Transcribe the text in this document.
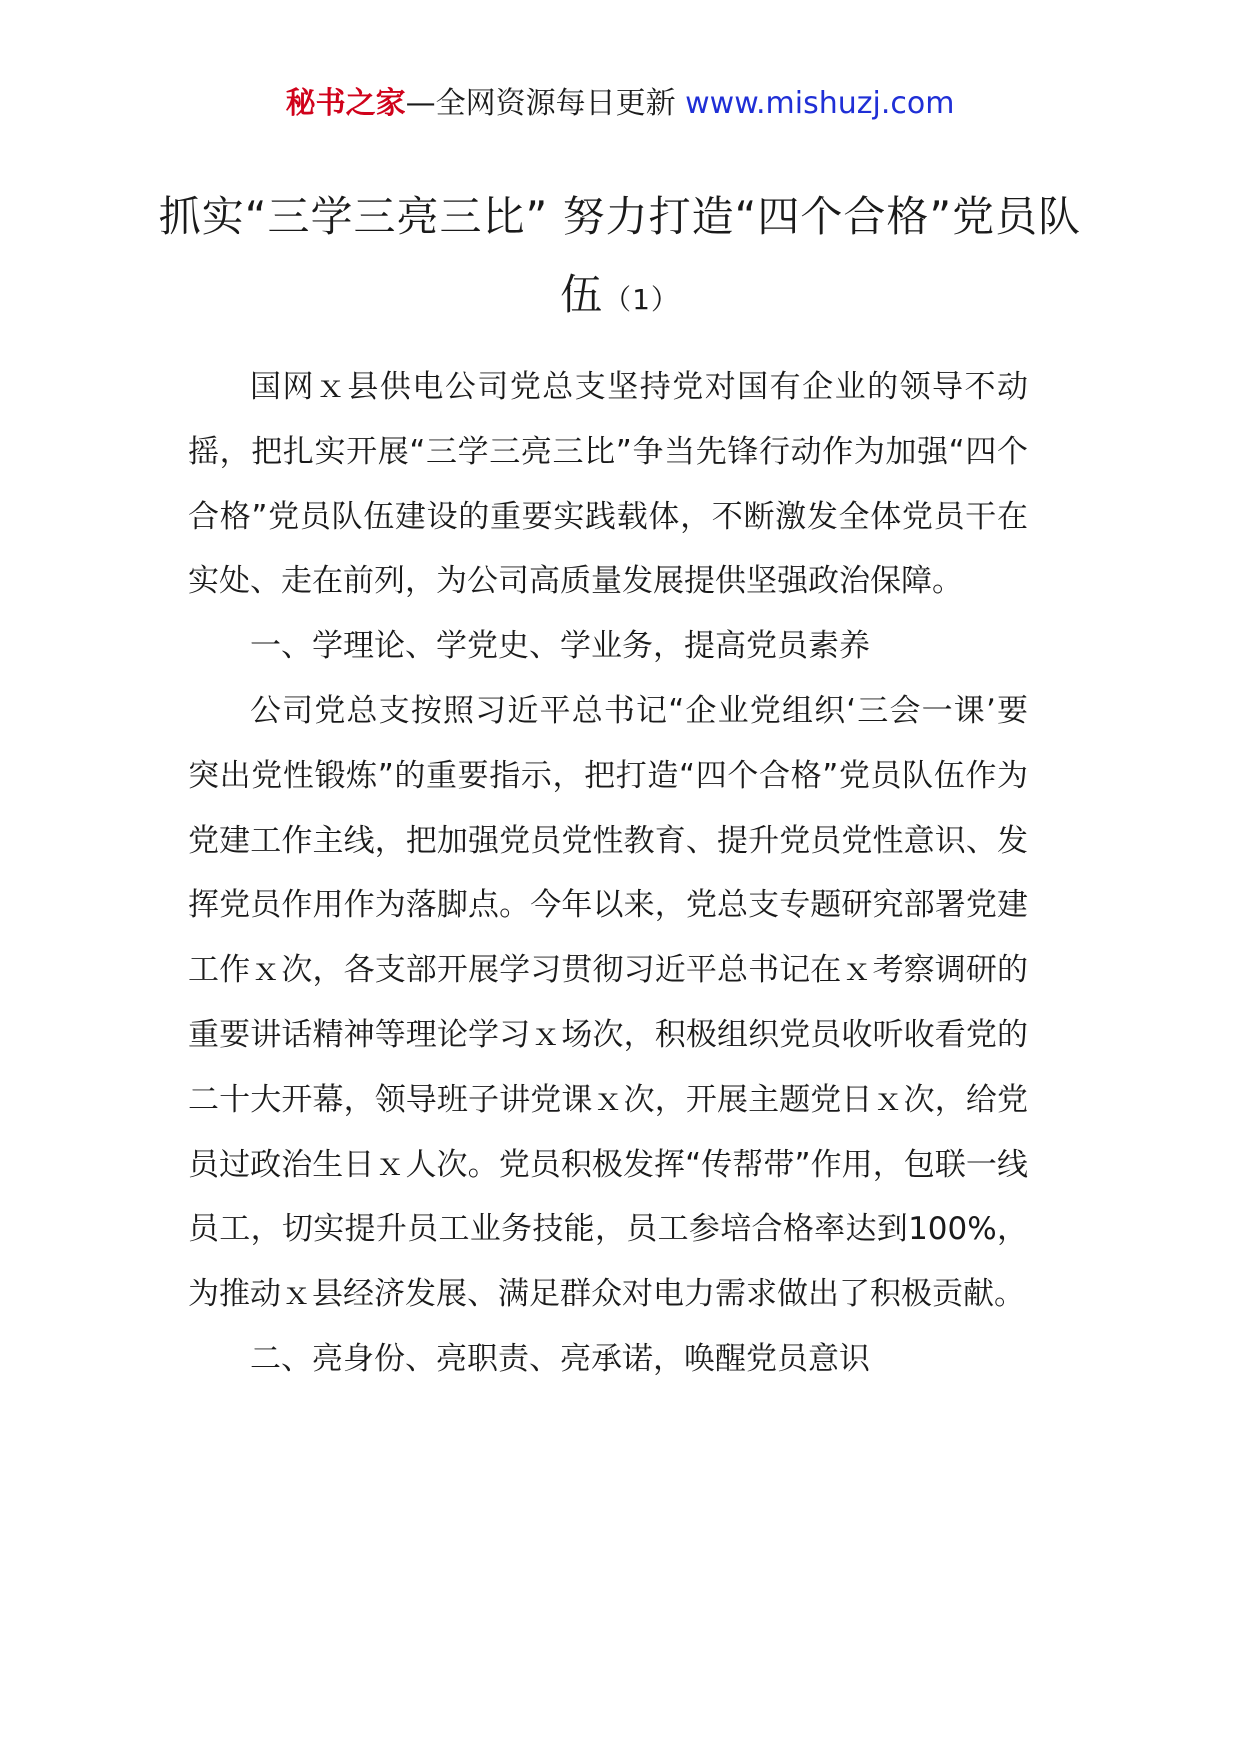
秘书之家—全网资源每日更新 www.mishuzj.com
抓实“三学三亮三比” 努力打造“四个合格”党员队伍（1）

国网ｘ县供电公司党总支坚持党对国有企业的领导不动摇，把扎实开展“三学三亮三比”争当先锋行动作为加强“四个合格”党员队伍建设的重要实践载体，不断激发全体党员干在实处、走在前列，为公司高质量发展提供坚强政治保障。

一、学理论、学党史、学业务，提高党员素养

公司党总支按照习近平总书记“企业党组织‘三会一课’要突出党性锻炼”的重要指示，把打造“四个合格”党员队伍作为党建工作主线，把加强党员党性教育、提升党员党性意识、发挥党员作用作为落脚点。今年以来，党总支专题研究部署党建工作ｘ次，各支部开展学习贯彻习近平总书记在ｘ考察调研的重要讲话精神等理论学习ｘ场次，积极组织党员收听收看党的二十大开幕，领导班子讲党课ｘ次，开展主题党日ｘ次，给党员过政治生日ｘ人次。党员积极发挥“传帮带”作用，包联一线员工，切实提升员工业务技能，员工参培合格率达到100%，为推动ｘ县经济发展、满足群众对电力需求做出了积极贡献。

二、亮身份、亮职责、亮承诺，唤醒党员意识
